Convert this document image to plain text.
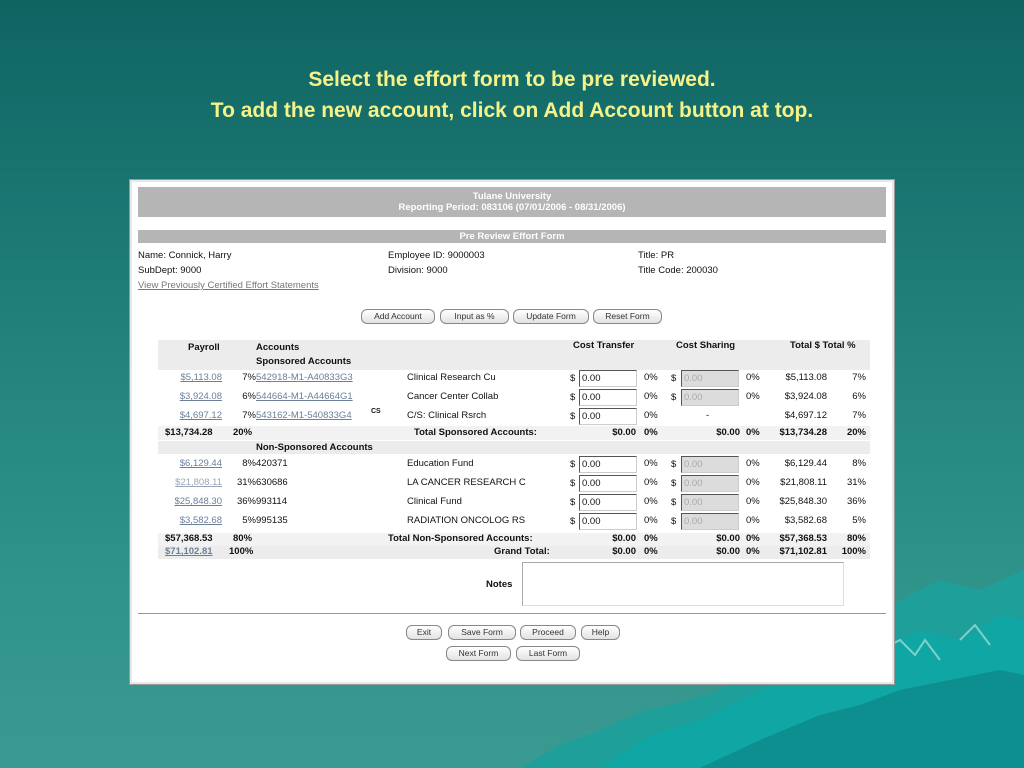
Select the effort form to be pre reviewed.
To add the new account, click on Add Account button at top.
Tulane University
Reporting Period: 083106 (07/01/2006 - 08/31/2006)
Pre Review Effort Form
Name: Connick, Harry
SubDept: 9000
View Previously Certified Effort Statements
Employee ID: 9000003
Division: 9000
Title: PR
Title Code: 200030
Add Account	Input as %	Update Form	Reset Form
Payroll	Accounts	Cost Transfer	Cost Sharing	Total $ Total %
Sponsored Accounts
$5,113.08	7% 542918-M1-A40833G3	Clinical Research Cu	$ 0.00	0% $ 0.00	0%	$5,113.08	7%
$3,924.08	6% 544664-M1-A44664G1	Cancer Center Collab	$ 0.00	0% $ 0.00	0%	$3,924.08	6%
$4,697.12	7% 543162-M1-540833G4	CS	C/S: Clinical Rsrch	$ 0.00	0%	-	$4,697.12	7%
$13,734.28 20%	Total Sponsored Accounts:	$0.00 0%	$0.00 0%	$13,734.28	20%
Non-Sponsored Accounts
$6,129.44	8% 420371	Education Fund	$ 0.00	0% $ 0.00	0%	$6,129.44	8%
$21,808.11	31% 630686	LA CANCER RESEARCH C	$ 0.00	0% $ 0.00	0%	$21,808.11	31%
$25,848.30	36% 993114	Clinical Fund	$ 0.00	0% $ 0.00	0%	$25,848.30	36%
$3,582.68	5% 995135	RADIATION ONCOLOG RS	$ 0.00	0% $ 0.00	0%	$3,582.68	5%
$57,368.53 80%	Total Non-Sponsored Accounts:	$0.00 0%	$0.00 0%	$57,368.53	80%
$71,102.81 100%	Grand Total:	$0.00 0%	$0.00 0%	$71,102.81	100%
Notes
Exit	Save Form	Proceed	Help
Next Form	Last Form
